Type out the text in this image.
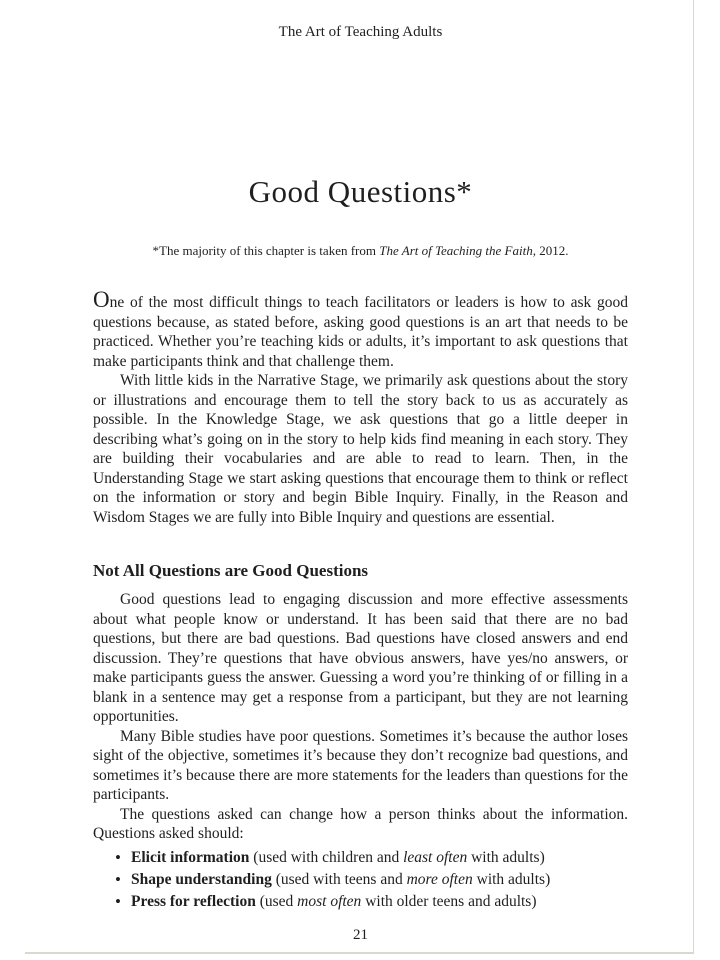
The Art of Teaching Adults
Good Questions*
*The majority of this chapter is taken from The Art of Teaching the Faith, 2012.

One of the most difficult things to teach facilitators or leaders is how to ask good questions because, as stated before, asking good questions is an art that needs to be practiced. Whether you’re teaching kids or adults, it’s important to ask questions that make participants think and that challenge them.

With little kids in the Narrative Stage, we primarily ask questions about the story or illustrations and encourage them to tell the story back to us as accurately as possible. In the Knowledge Stage, we ask questions that go a little deeper in describing what’s going on in the story to help kids find meaning in each story. They are building their vocabularies and are able to read to learn. Then, in the Understanding Stage we start asking questions that encourage them to think or reflect on the information or story and begin Bible Inquiry. Finally, in the Reason and Wisdom Stages we are fully into Bible Inquiry and questions are essential.

Not All Questions are Good Questions

Good questions lead to engaging discussion and more effective assessments about what people know or understand. It has been said that there are no bad questions, but there are bad questions. Bad questions have closed answers and end discussion. They’re questions that have obvious answers, have yes/no answers, or make participants guess the answer. Guessing a word you’re thinking of or filling in a blank in a sentence may get a response from a participant, but they are not learning opportunities.

Many Bible studies have poor questions. Sometimes it’s because the author loses sight of the objective, sometimes it’s because they don’t recognize bad questions, and sometimes it’s because there are more statements for the leaders than questions for the participants.

The questions asked can change how a person thinks about the information. Questions asked should:

• Elicit information (used with children and least often with adults)
• Shape understanding (used with teens and more often with adults)
• Press for reflection (used most often with older teens and adults)
21
